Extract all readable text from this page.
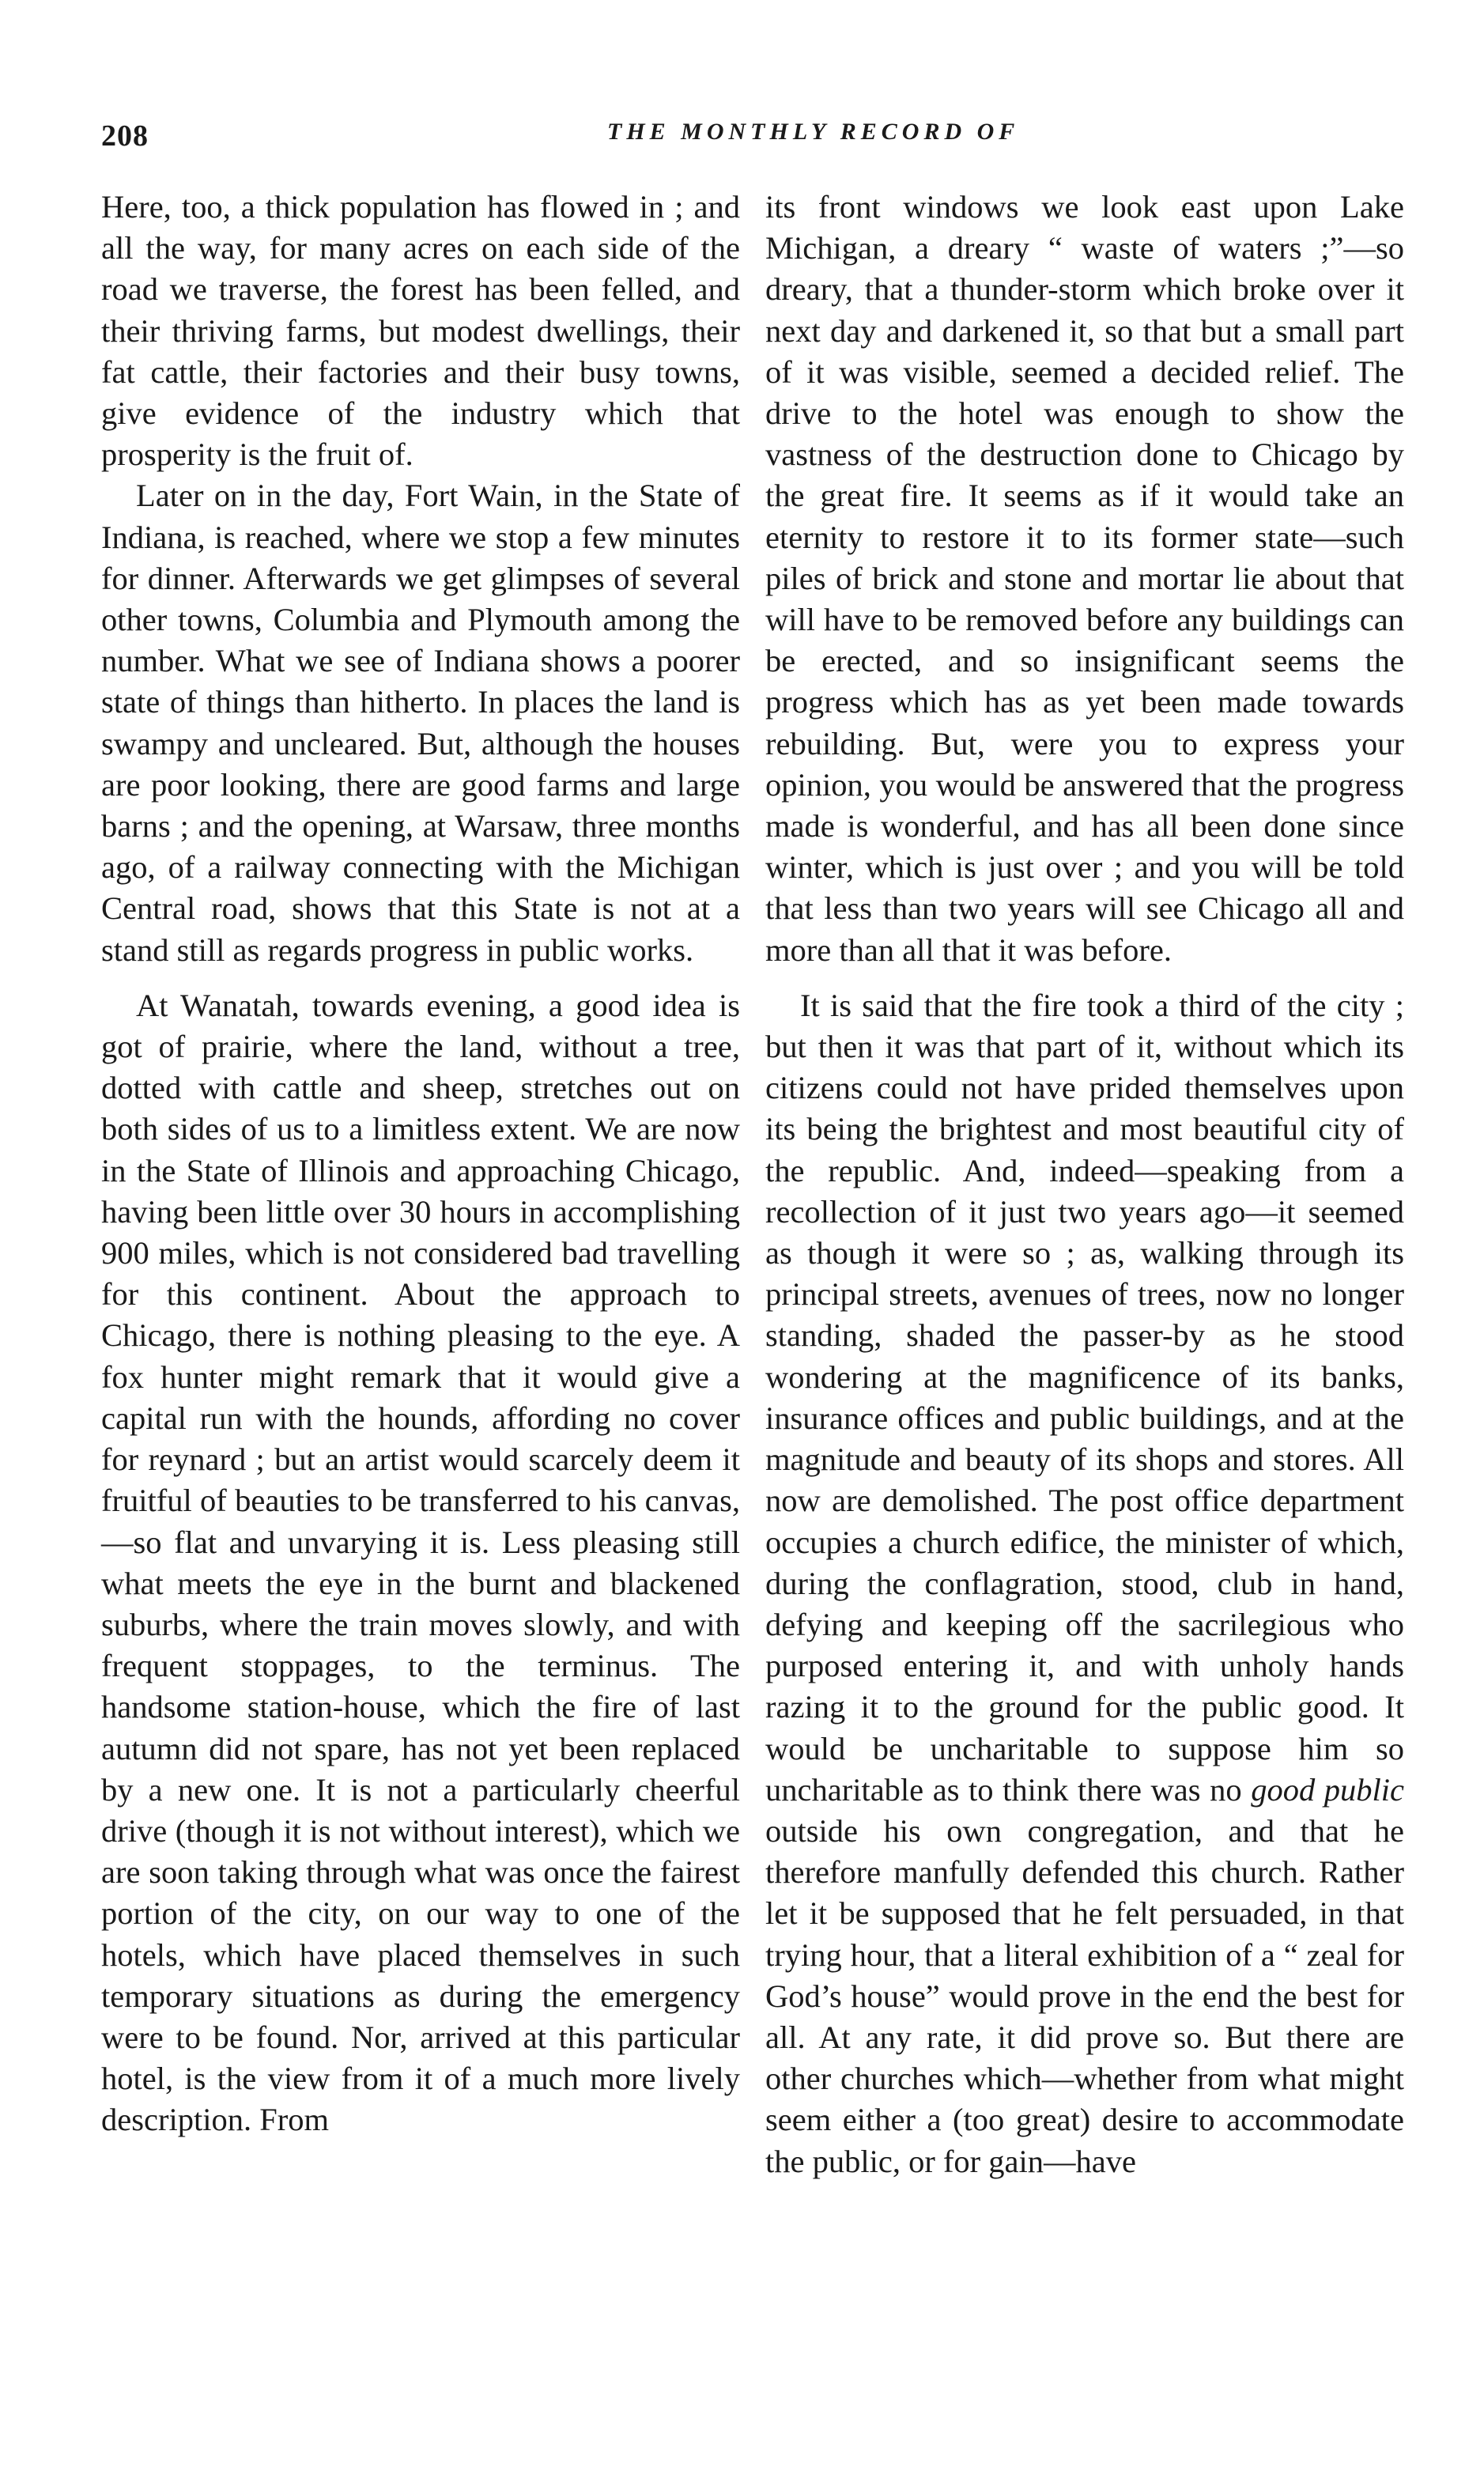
208	THE MONTHLY RECORD OF

Here, too, a thick population has flowed in ; and all the way, for many acres on each side of the road we traverse, the forest has been felled, and their thriving farms, but modest dwellings, their fat cattle, their factories and their busy towns, give evidence of the industry which that prosperity is the fruit of.

Later on in the day, Fort Wain, in the State of Indiana, is reached, where we stop a few minutes for dinner. Afterwards we get glimpses of several other towns, Columbia and Plymouth among the number. What we see of Indiana shows a poorer state of things than hitherto. In places the land is swampy and uncleared. But, although the houses are poor looking, there are good farms and large barns ; and the opening, at Warsaw, three months ago, of a railway connecting with the Michigan Central road, shows that this State is not at a stand still as regards progress in public works.

At Wanatah, towards evening, a good idea is got of prairie, where the land, without a tree, dotted with cattle and sheep, stretches out on both sides of us to a limitless extent. We are now in the State of Illinois and approaching Chicago, having been little over 30 hours in accomplishing 900 miles, which is not considered bad travelling for this continent. About the approach to Chicago, there is nothing pleasing to the eye. A fox hunter might remark that it would give a capital run with the hounds, affording no cover for reynard ; but an artist would scarcely deem it fruitful of beauties to be transferred to his canvas,—so flat and unvarying it is. Less pleasing still what meets the eye in the burnt and blackened suburbs, where the train moves slowly, and with frequent stoppages, to the terminus. The handsome station-house, which the fire of last autumn did not spare, has not yet been replaced by a new one. It is not a particularly cheerful drive (though it is not without interest), which we are soon taking through what was once the fairest portion of the city, on our way to one of the hotels, which have placed themselves in such temporary situations as during the emergency were to be found. Nor, arrived at this particular hotel, is the view from it of a much more lively description. From

its front windows we look east upon Lake Michigan, a dreary “ waste of waters ;”—so dreary, that a thunder-storm which broke over it next day and darkened it, so that but a small part of it was visible, seemed a decided relief. The drive to the hotel was enough to show the vastness of the destruction done to Chicago by the great fire. It seems as if it would take an eternity to restore it to its former state—such piles of brick and stone and mortar lie about that will have to be removed before any buildings can be erected, and so insignificant seems the progress which has as yet been made towards rebuilding. But, were you to express your opinion, you would be answered that the progress made is wonderful, and has all been done since winter, which is just over ; and you will be told that less than two years will see Chicago all and more than all that it was before.

It is said that the fire took a third of the city ; but then it was that part of it, without which its citizens could not have prided themselves upon its being the brightest and most beautiful city of the republic. And, indeed—speaking from a recollection of it just two years ago—it seemed as though it were so ; as, walking through its principal streets, avenues of trees, now no longer standing, shaded the passer-by as he stood wondering at the magnificence of its banks, insurance offices and public buildings, and at the magnitude and beauty of its shops and stores. All now are demolished. The post office department occupies a church edifice, the minister of which, during the conflagration, stood, club in hand, defying and keeping off the sacrilegious who purposed entering it, and with unholy hands razing it to the ground for the public good. It would be uncharitable to suppose him so uncharitable as to think there was no good public outside his own congregation, and that he therefore manfully defended this church. Rather let it be supposed that he felt persuaded, in that trying hour, that a literal exhibition of a “ zeal for God’s house” would prove in the end the best for all. At any rate, it did prove so. But there are other churches which—whether from what might seem either a (too great) desire to accommodate the public, or for gain—have
